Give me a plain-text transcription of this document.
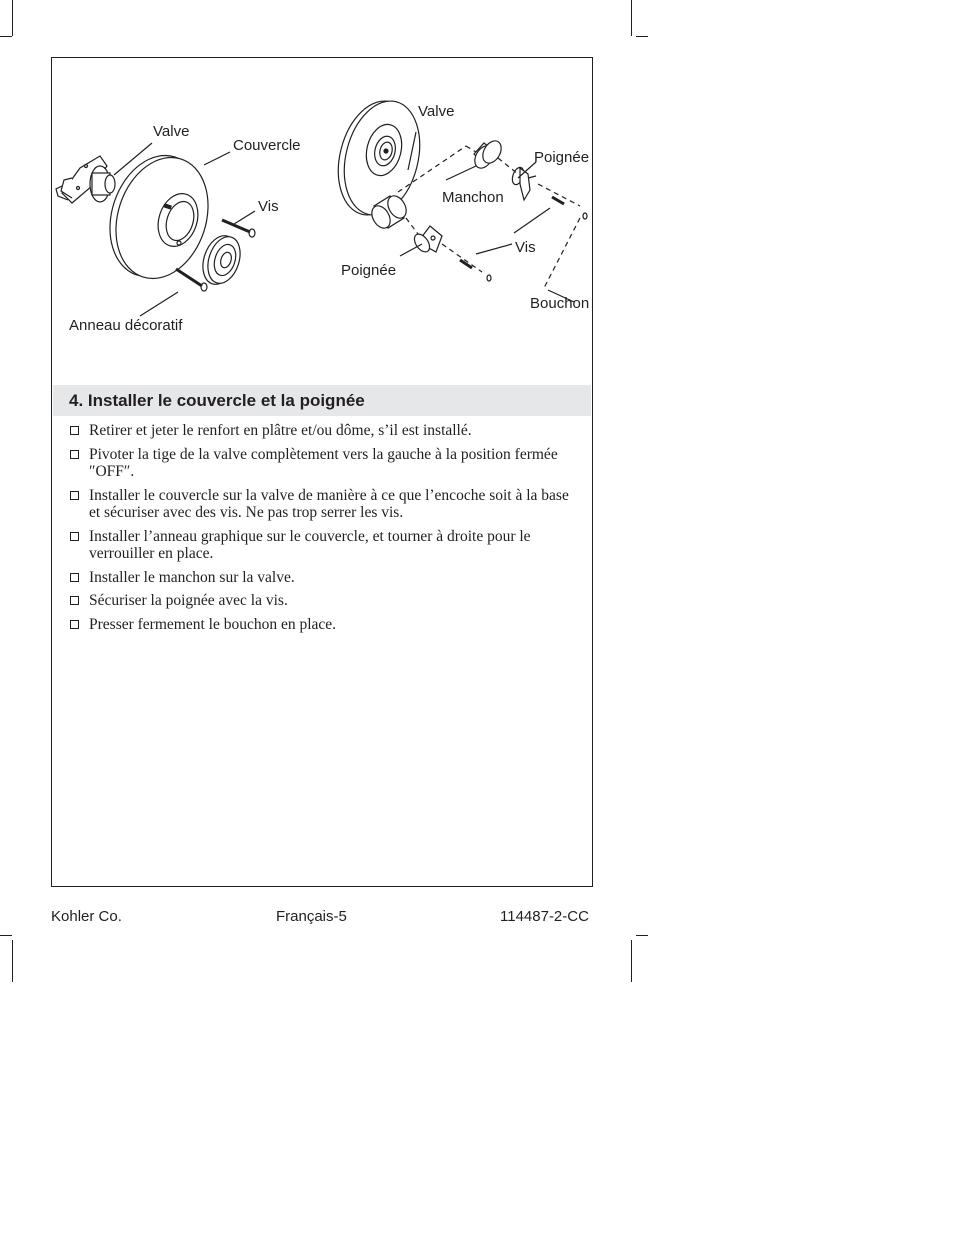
Valve
Couvercle
Vis
Anneau décoratif
Valve
Poignée
Manchon
Vis
Poignée
Bouchon
4. Installer le couvercle et la poignée
Retirer et jeter le renfort en plâtre et/ou dôme, s’il est installé.
Pivoter la tige de la valve complètement vers la gauche à la position fermée ″OFF″.
Installer le couvercle sur la valve de manière à ce que l’encoche soit à la base et sécuriser avec des vis. Ne pas trop serrer les vis.
Installer l’anneau graphique sur le couvercle, et tourner à droite pour le verrouiller en place.
Installer le manchon sur la valve.
Sécuriser la poignée avec la vis.
Presser fermement le bouchon en place.
Kohler Co.	Français-5	114487-2-CC
